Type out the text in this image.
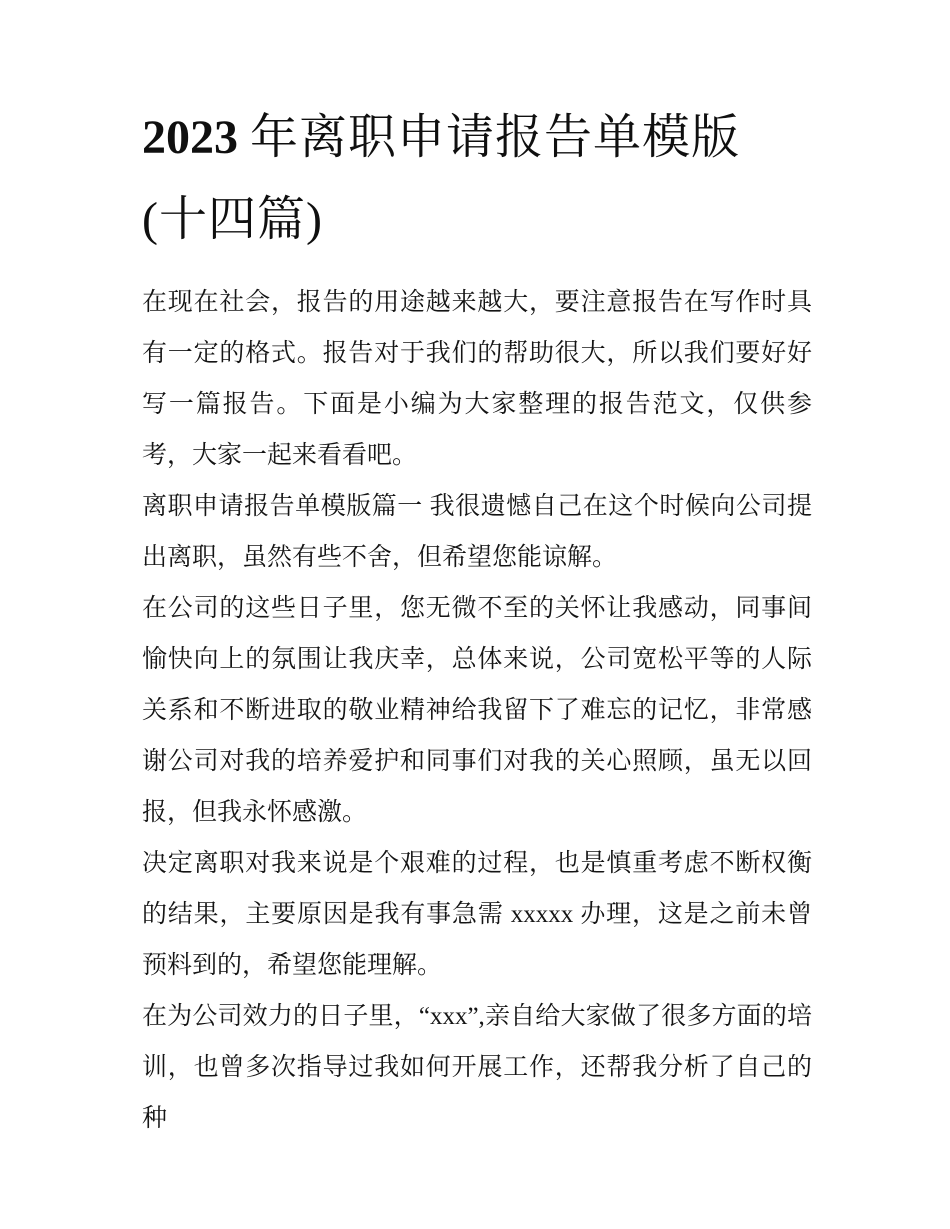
2023 年离职申请报告单模版
(十四篇)

在现在社会，报告的用途越来越大，要注意报告在写作时具有一定的格式。报告对于我们的帮助很大，所以我们要好好写一篇报告。下面是小编为大家整理的报告范文，仅供参考，大家一起来看看吧。

离职申请报告单模版篇一 我很遗憾自己在这个时候向公司提出离职，虽然有些不舍，但希望您能谅解。

在公司的这些日子里，您无微不至的关怀让我感动，同事间愉快向上的氛围让我庆幸，总体来说，公司宽松平等的人际关系和不断进取的敬业精神给我留下了难忘的记忆，非常感谢公司对我的培养爱护和同事们对我的关心照顾，虽无以回报，但我永怀感激。

决定离职对我来说是个艰难的过程，也是慎重考虑不断权衡的结果，主要原因是我有事急需 xxxxx 办理，这是之前未曾预料到的，希望您能理解。

在为公司效力的日子里，“xxx”,亲自给大家做了很多方面的培训，也曾多次指导过我如何开展工作，还帮我分析了自己的种
